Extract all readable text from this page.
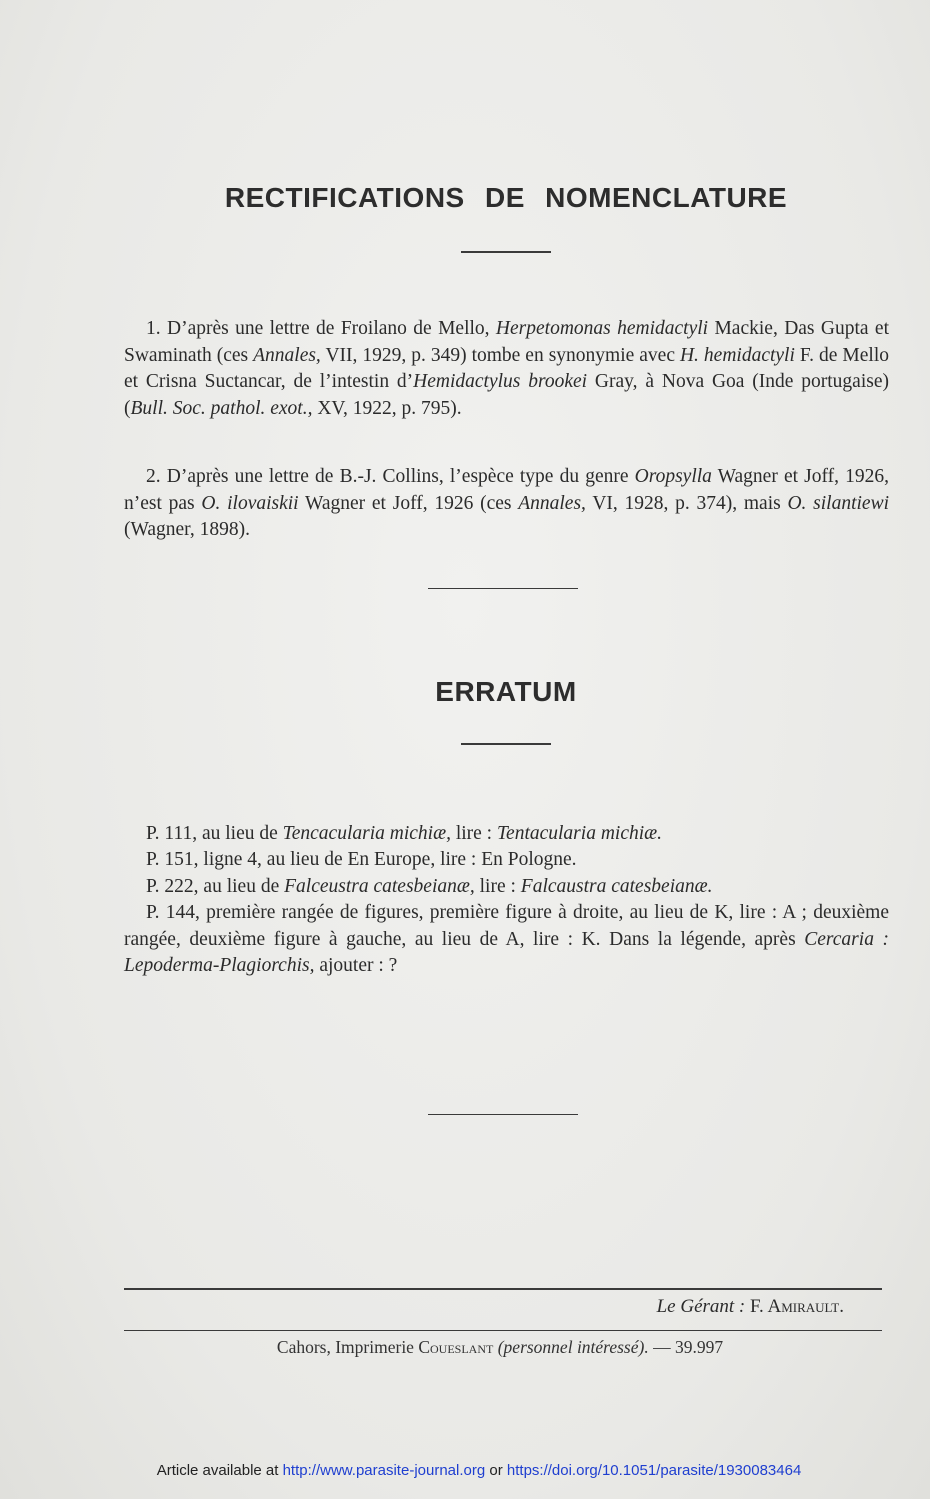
RECTIFICATIONS DE NOMENCLATURE
1. D’après une lettre de Froilano de Mello, Herpetomonas hemidactyli Mackie, Das Gupta et Swaminath (ces Annales, VII, 1929, p. 349) tombe en synonymie avec H. hemidactyli F. de Mello et Crisna Suctancar, de l’intestin d’Hemidactylus brookei Gray, à Nova Goa (Inde portugaise) (Bull. Soc. pathol. exot., XV, 1922, p. 795).
2. D’après une lettre de B.-J. Collins, l’espèce type du genre Oropsylla Wagner et Joff, 1926, n’est pas O. ilovaiskii Wagner et Joff, 1926 (ces Annales, VI, 1928, p. 374), mais O. silantiewi (Wagner, 1898).
ERRATUM
P. 111, au lieu de Tencacularia michiæ, lire : Tentacularia michiæ.
P. 151, ligne 4, au lieu de En Europe, lire : En Pologne.
P. 222, au lieu de Falceustra catesbeianæ, lire : Falcaustra catesbeianæ.
P. 144, première rangée de figures, première figure à droite, au lieu de K, lire : A ; deuxième rangée, deuxième figure à gauche, au lieu de A, lire : K. Dans la légende, après Cercaria : Lepoderma-Plagiorchis, ajouter : ?
Le Gérant : F. Amirault.
Cahors, Imprimerie Coueslant (personnel intéressé). — 39.997
Article available at http://www.parasite-journal.org or https://doi.org/10.1051/parasite/1930083464
